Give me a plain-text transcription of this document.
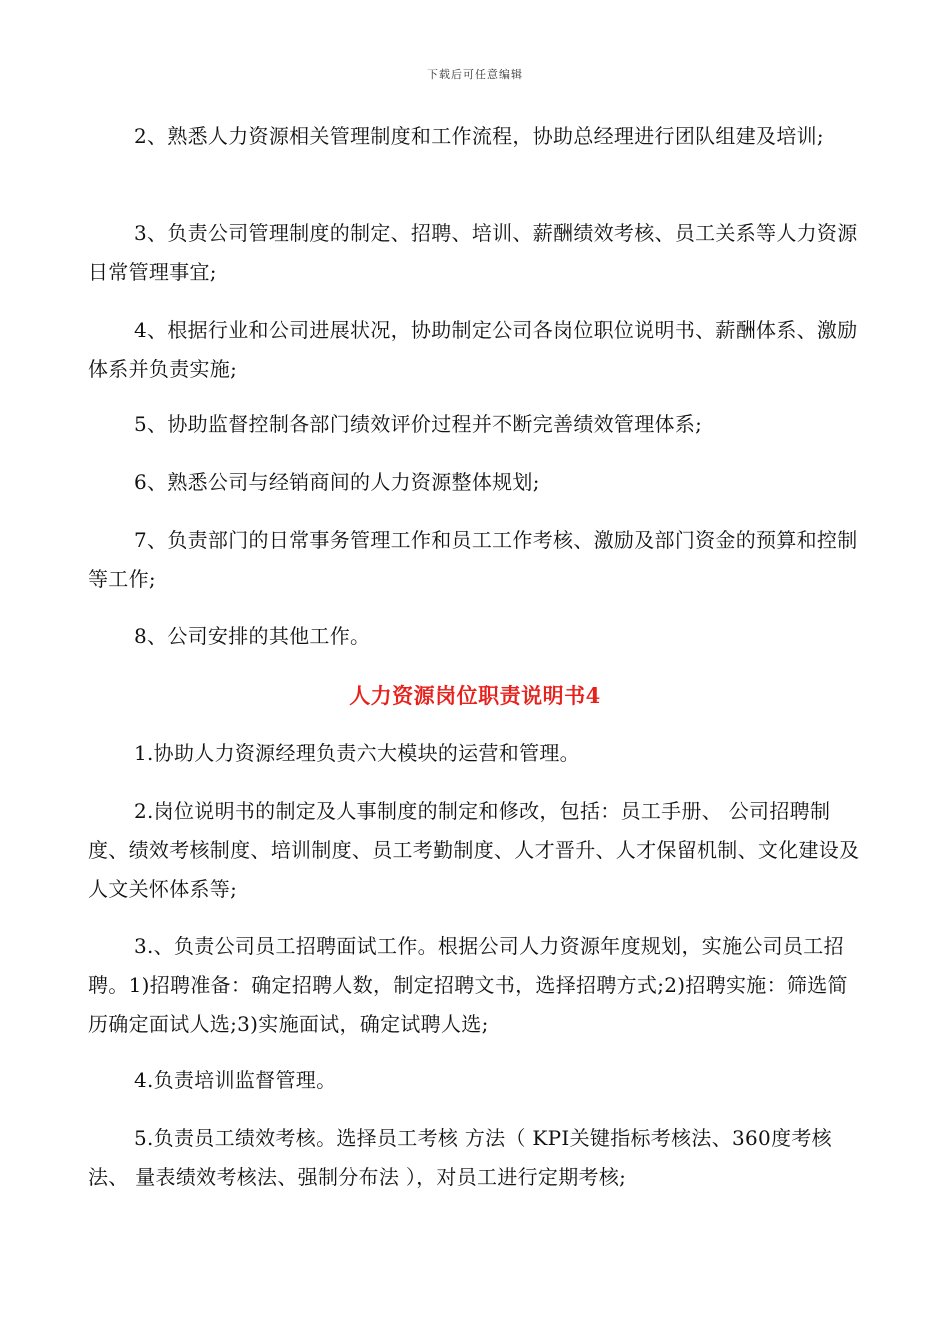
下载后可任意编辑

2、熟悉人力资源相关管理制度和工作流程，协助总经理进行团队组建及培训;

3、负责公司管理制度的制定、招聘、培训、薪酬绩效考核、员工关系等人力资源日常管理事宜;

4、根据行业和公司进展状况，协助制定公司各岗位职位说明书、薪酬体系、激励体系并负责实施;

5、协助监督控制各部门绩效评价过程并不断完善绩效管理体系;

6、熟悉公司与经销商间的人力资源整体规划;

7、负责部门的日常事务管理工作和员工工作考核、激励及部门资金的预算和控制等工作;

8、公司安排的其他工作。

人力资源岗位职责说明书4

1.协助人力资源经理负责六大模块的运营和管理。

2.岗位说明书的制定及人事制度的制定和修改，包括：员工手册、 公司招聘制度、绩效考核制度、培训制度、员工考勤制度、人才晋升、人才保留机制、文化建设及人文关怀体系等;

3.、负责公司员工招聘面试工作。根据公司人力资源年度规划，实施公司员工招聘。1)招聘准备：确定招聘人数，制定招聘文书，选择招聘方式;2)招聘实施：筛选简历确定面试人选;3)实施面试，确定试聘人选;

4.负责培训监督管理。

5.负责员工绩效考核。选择员工考核 方法（ KPI关键指标考核法、360度考核法、 量表绩效考核法、强制分布法 ），对员工进行定期考核;
